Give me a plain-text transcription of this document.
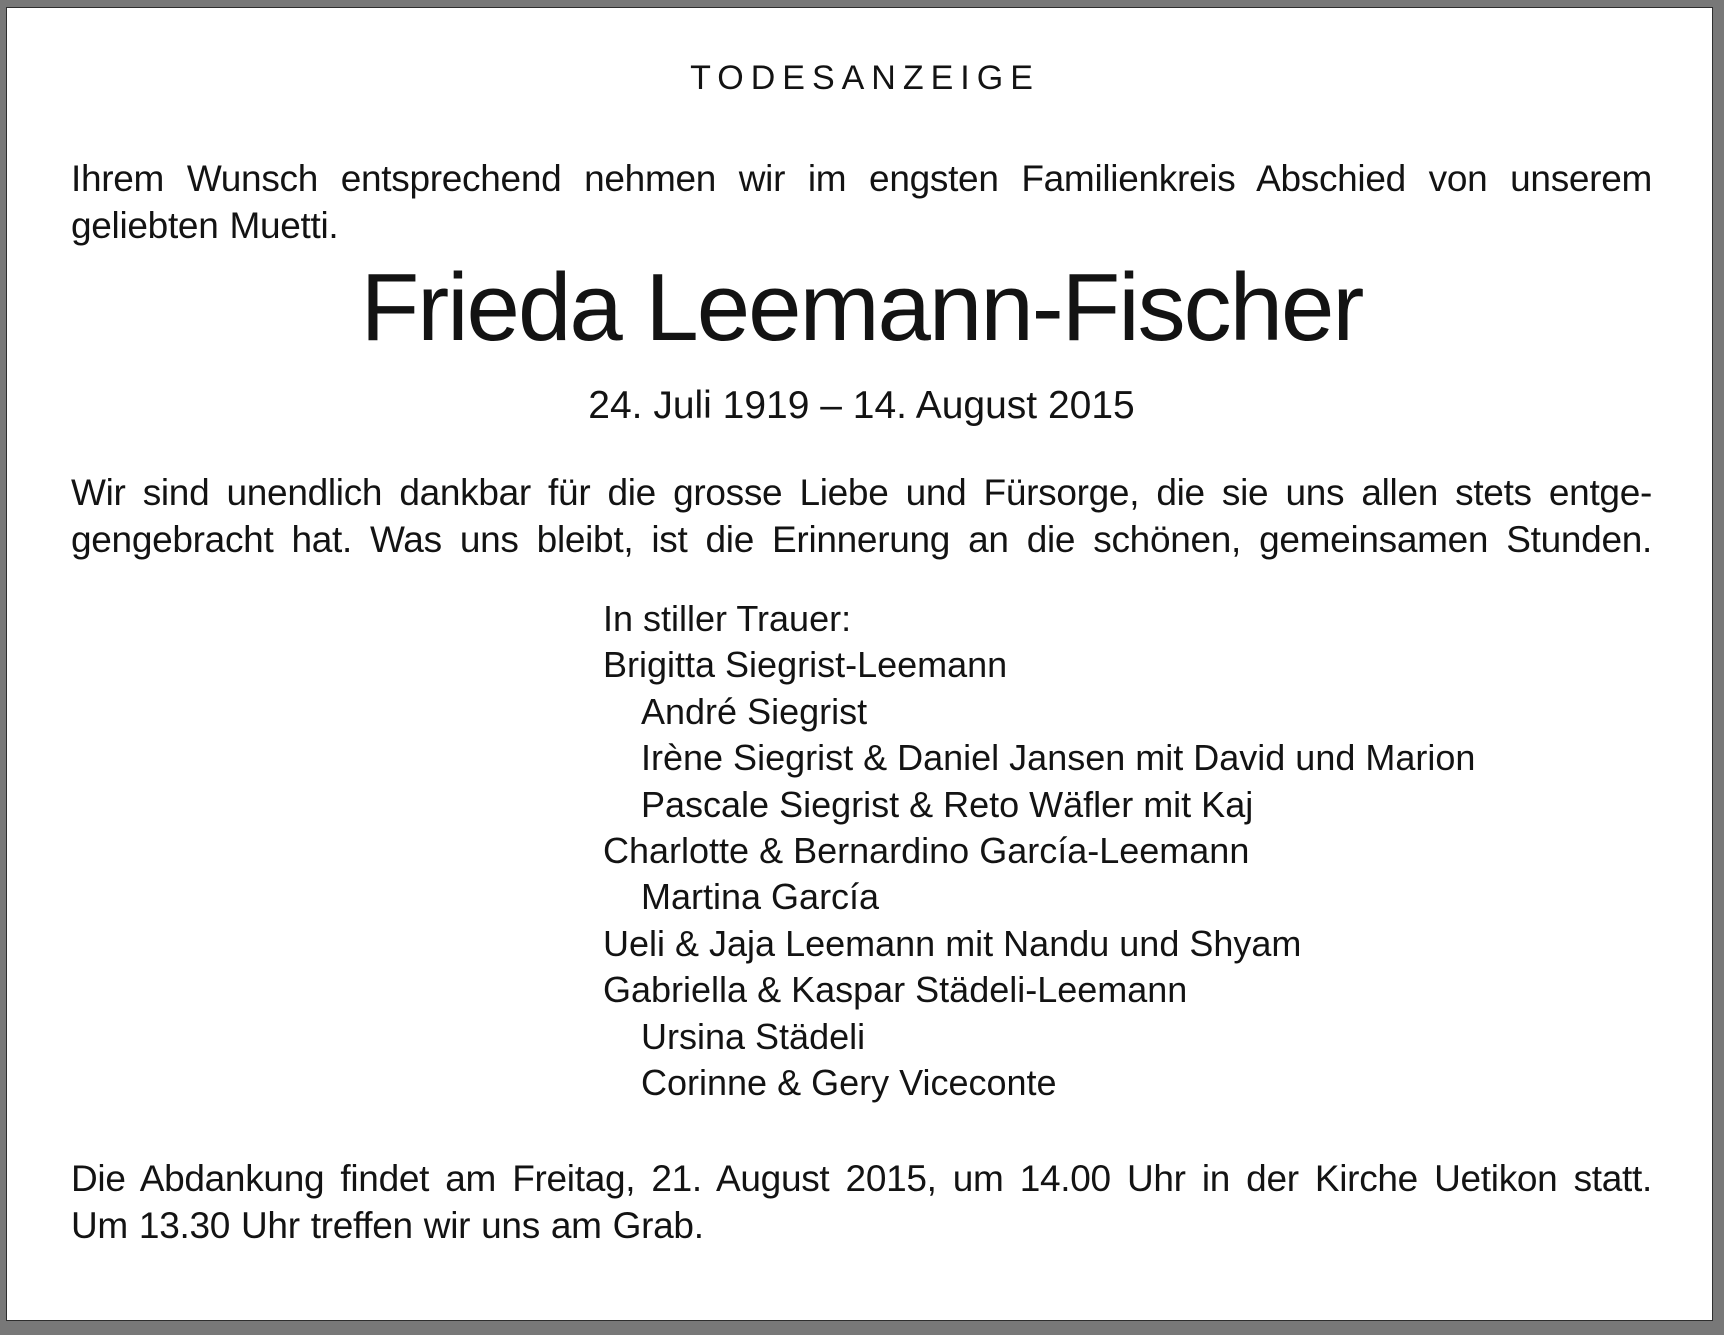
TODESANZEIGE
Ihrem Wunsch entsprechend nehmen wir im engsten Familienkreis Abschied von unserem
geliebten Muetti.
Frieda Leemann-Fischer
24. Juli 1919 – 14. August 2015
Wir sind unendlich dankbar für die grosse Liebe und Fürsorge, die sie uns allen stets entge-
gengebracht hat. Was uns bleibt, ist die Erinnerung an die schönen, gemeinsamen Stunden.
In stiller Trauer:
Brigitta Siegrist-Leemann
André Siegrist
Irène Siegrist & Daniel Jansen mit David und Marion
Pascale Siegrist & Reto Wäfler mit Kaj
Charlotte & Bernardino García-Leemann
Martina García
Ueli & Jaja Leemann mit Nandu und Shyam
Gabriella & Kaspar Städeli-Leemann
Ursina Städeli
Corinne & Gery Viceconte
Die Abdankung findet am Freitag, 21. August 2015, um 14.00 Uhr in der Kirche Uetikon statt.
Um 13.30 Uhr treffen wir uns am Grab.
